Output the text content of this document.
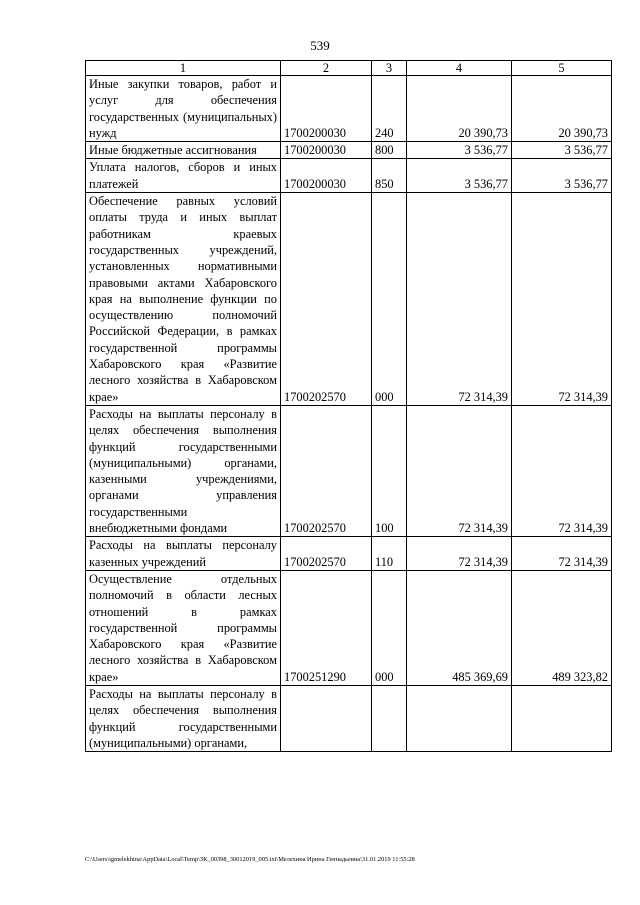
539
1	2	3	4	5
Иные закупки товаров, работ и услуг для обеспечения государственных (муниципальных) нужд	1700200030	240	20 390,73	20 390,73
Иные бюджетные ассигнования	1700200030	800	3 536,77	3 536,77
Уплата налогов, сборов и иных платежей	1700200030	850	3 536,77	3 536,77
Обеспечение равных условий оплаты труда и иных выплат работникам краевых государственных учреждений, установленных нормативными правовыми актами Хабаровского края на выполнение функции по осуществлению полномочий Российской Федерации, в рамках государственной программы Хабаровского края «Развитие лесного хозяйства в Хабаровском крае»	1700202570	000	72 314,39	72 314,39
Расходы на выплаты персоналу в целях обеспечения выполнения функций государственными (муниципальными) органами, казенными учреждениями, органами управления государственными внебюджетными фондами	1700202570	100	72 314,39	72 314,39
Расходы на выплаты персоналу казенных учреждений	1700202570	110	72 314,39	72 314,39
Осуществление отдельных полномочий в области лесных отношений в рамках государственной программы Хабаровского края «Развитие лесного хозяйства в Хабаровском крае»	1700251290	000	485 369,69	489 323,82
Расходы на выплаты персоналу в целях обеспечения выполнения функций государственными (муниципальными) органами,				
C:\Users\igmelekhina\AppData\Local\Temp\ЗК_00398_30012019_005.txt\Мелехина Ирина Геннадьевна\31.01.2019 11:55:28
